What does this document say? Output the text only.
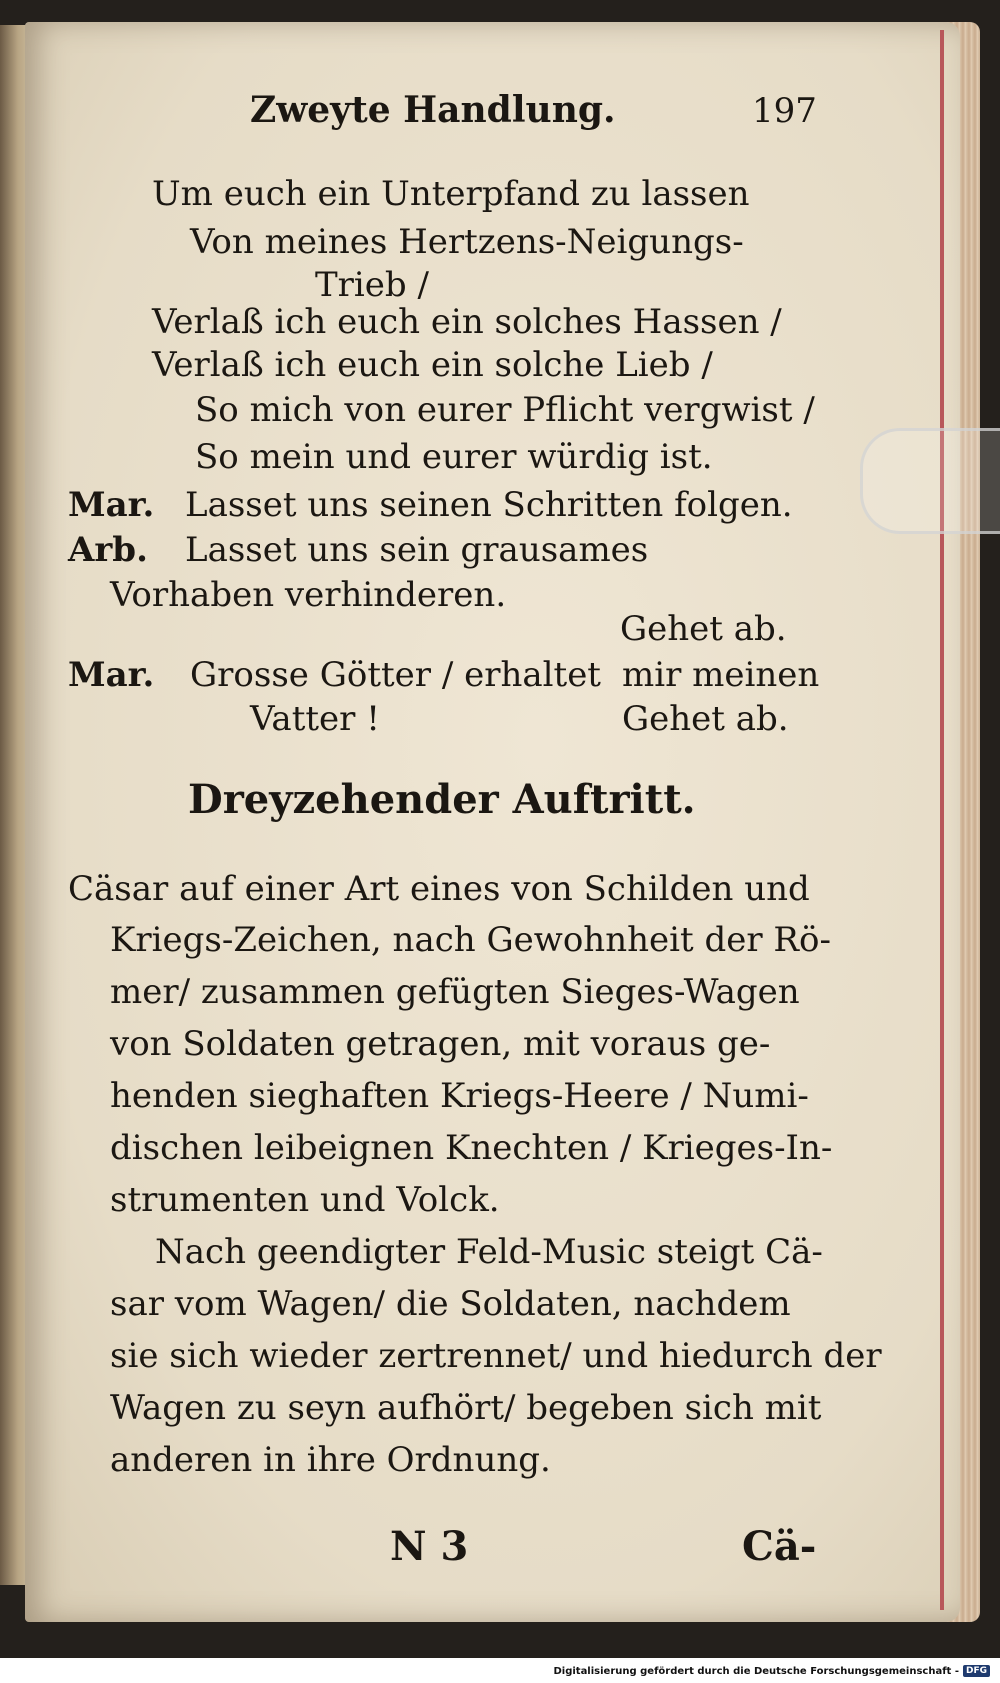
Zweyte Handlung.	197
Um euch ein Unterpfand zu lassen
Von meines Hertzens-Neigungs-
Trieb /
Verlaß ich euch ein solches Hassen /
Verlaß ich euch ein solche Lieb /
So mich von eurer Pflicht vergwist /
So mein und eurer würdig ist.
Mar. Lasset uns seinen Schritten folgen.
Arb. Lasset uns sein grausames
Vorhaben verhinderen.
Gehet ab.
Mar. Grosse Götter / erhaltet mir meinen
Vatter !	Gehet ab.
Dreyzehender Auftritt.
Cäsar auf einer Art eines von Schilden und
Kriegs-Zeichen, nach Gewohnheit der Rö-
mer/ zusammen gefügten Sieges-Wagen
von Soldaten getragen, mit voraus ge-
henden sieghaften Kriegs-Heere / Numi-
dischen leibeignen Knechten / Krieges-In-
strumenten und Volck.
Nach geendigter Feld-Music steigt Cä-
sar vom Wagen/ die Soldaten, nachdem
sie sich wieder zertrennet/ und hiedurch der
Wagen zu seyn aufhört/ begeben sich mit
anderen in ihre Ordnung.
N 3	Cä-
Digitalisierung gefördert durch die Deutsche Forschungsgemeinschaft - DFG
